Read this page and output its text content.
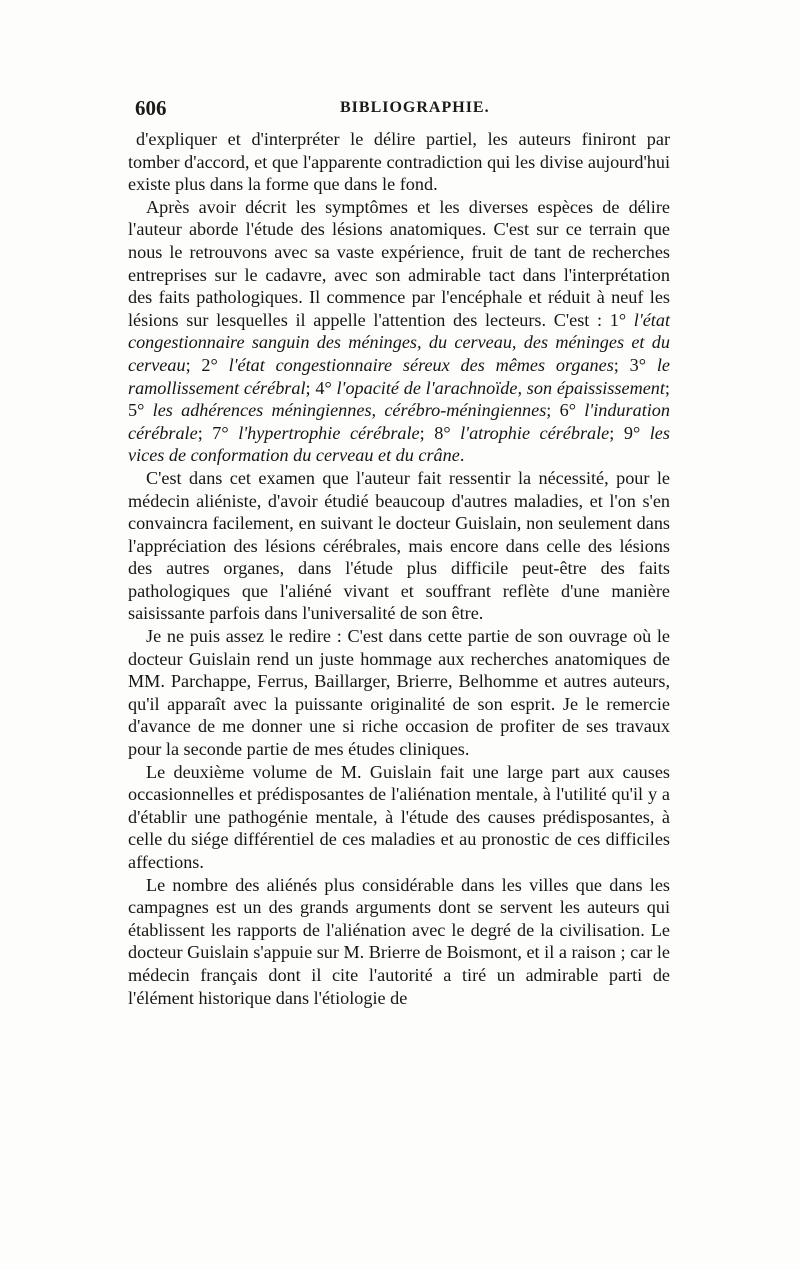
606	BIBLIOGRAPHIE.

d'expliquer et d'interpréter le délire partiel, les auteurs finiront par tomber d'accord, et que l'apparente contradiction qui les divise aujourd'hui existe plus dans la forme que dans le fond.

Après avoir décrit les symptômes et les diverses espèces de délire l'auteur aborde l'étude des lésions anatomiques. C'est sur ce terrain que nous le retrouvons avec sa vaste expérience, fruit de tant de recherches entreprises sur le cadavre, avec son admirable tact dans l'interprétation des faits pathologiques. Il commence par l'encéphale et réduit à neuf les lésions sur lesquelles il appelle l'attention des lecteurs. C'est : 1° l'état congestionnaire sanguin des méninges, du cerveau, des méninges et du cerveau; 2° l'état congestionnaire séreux des mêmes organes; 3° le ramollissement cérébral; 4° l'opacité de l'arachnoïde, son épaississement; 5° les adhérences méningiennes, cérébro-méningiennes; 6° l'induration cérébrale; 7° l'hypertrophie cérébrale; 8° l'atrophie cérébrale; 9° les vices de conformation du cerveau et du crâne.

C'est dans cet examen que l'auteur fait ressentir la nécessité, pour le médecin aliéniste, d'avoir étudié beaucoup d'autres maladies, et l'on s'en convaincra facilement, en suivant le docteur Guislain, non seulement dans l'appréciation des lésions cérébrales, mais encore dans celle des lésions des autres organes, dans l'étude plus difficile peut-être des faits pathologiques que l'aliéné vivant et souffrant reflète d'une manière saisissante parfois dans l'universalité de son être.

Je ne puis assez le redire : C'est dans cette partie de son ouvrage où le docteur Guislain rend un juste hommage aux recherches anatomiques de MM. Parchappe, Ferrus, Baillarger, Brierre, Belhomme et autres auteurs, qu'il apparaît avec la puissante originalité de son esprit. Je le remercie d'avance de me donner une si riche occasion de profiter de ses travaux pour la seconde partie de mes études cliniques.

Le deuxième volume de M. Guislain fait une large part aux causes occasionnelles et prédisposantes de l'aliénation mentale, à l'utilité qu'il y a d'établir une pathogénie mentale, à l'étude des causes prédisposantes, à celle du siége différentiel de ces maladies et au pronostic de ces difficiles affections.

Le nombre des aliénés plus considérable dans les villes que dans les campagnes est un des grands arguments dont se servent les auteurs qui établissent les rapports de l'aliénation avec le degré de la civilisation. Le docteur Guislain s'appuie sur M. Brierre de Boismont, et il a raison ; car le médecin français dont il cite l'autorité a tiré un admirable parti de l'élément historique dans l'étiologie de
